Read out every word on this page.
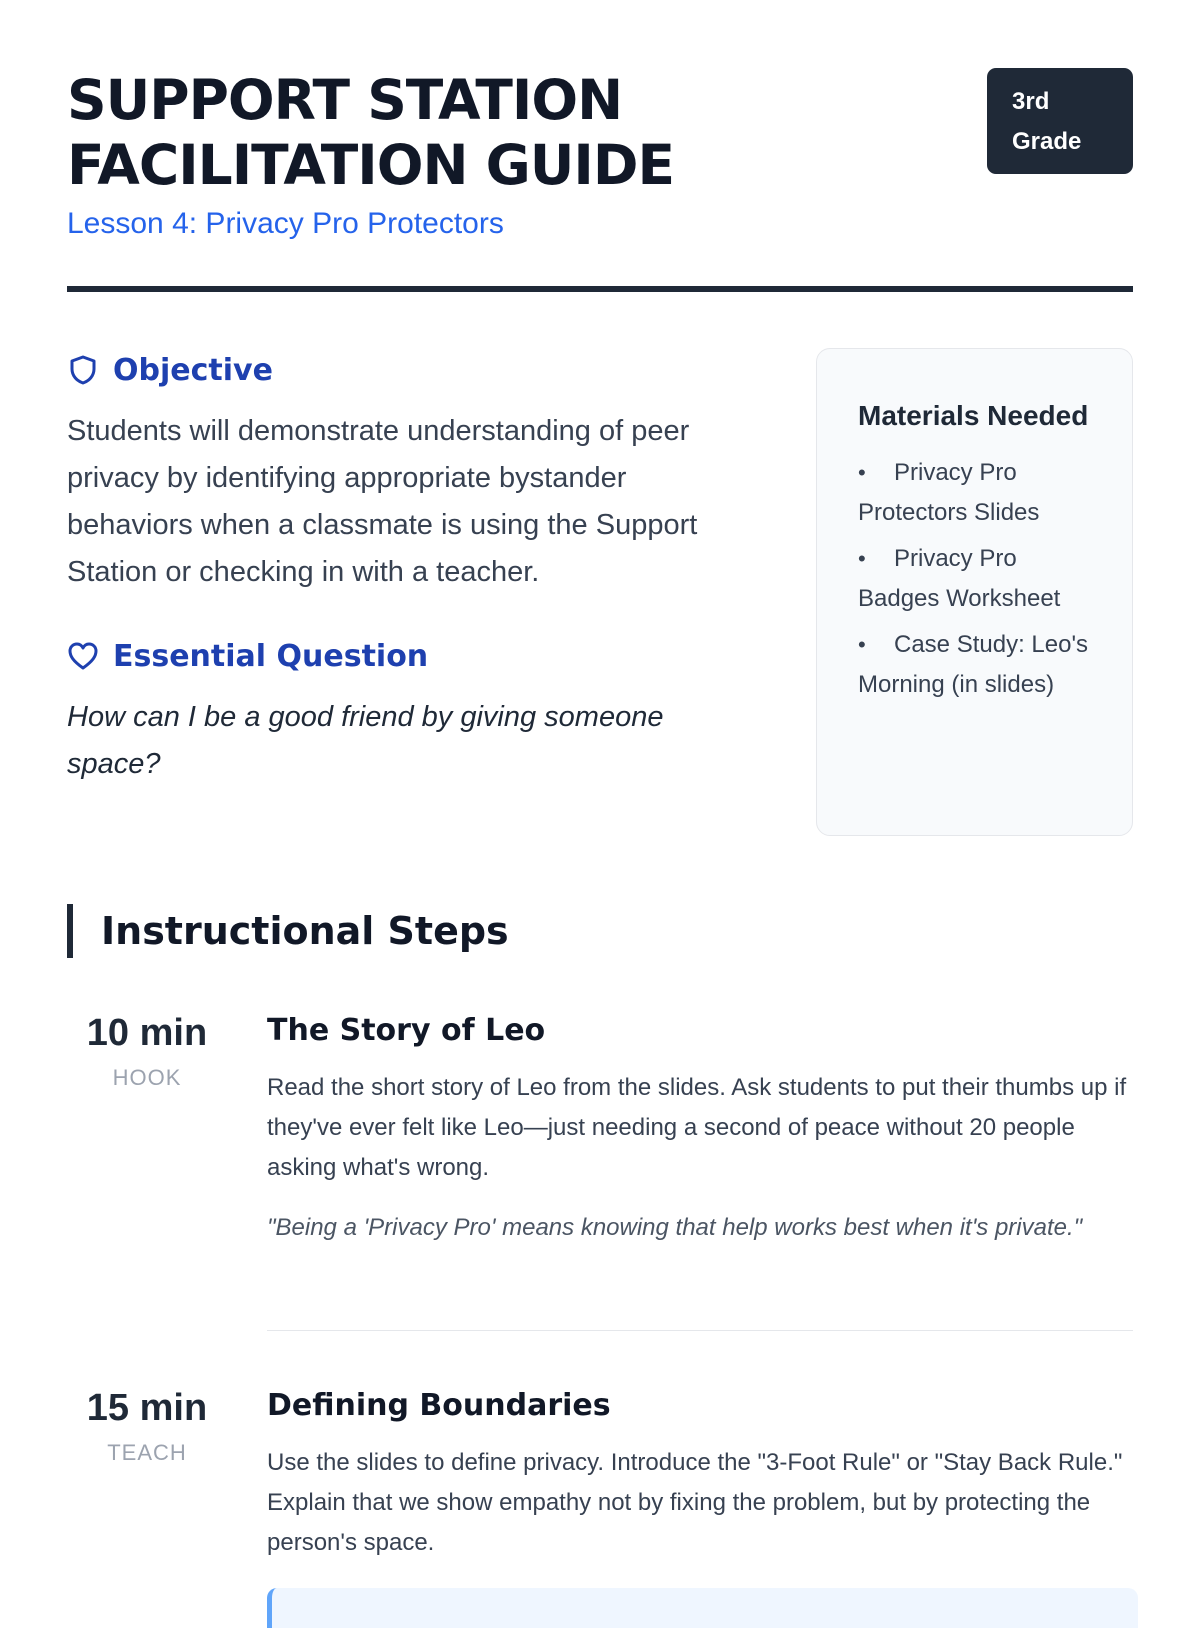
SUPPORT STATION FACILITATION GUIDE
Lesson 4: Privacy Pro Protectors
3rd Grade
Objective

Students will demonstrate understanding of peer privacy by identifying appropriate bystander behaviors when a classmate is using the Support Station or checking in with a teacher.

Essential Question

How can I be a good friend by giving someone space?

Materials Needed
• Privacy Pro Protectors Slides
• Privacy Pro Badges Worksheet
• Case Study: Leo's Morning (in slides)
Instructional Steps
10 min
HOOK
The Story of Leo

Read the short story of Leo from the slides. Ask students to put their thumbs up if they've ever felt like Leo—just needing a second of peace without 20 people asking what's wrong.

"Being a 'Privacy Pro' means knowing that help works best when it's private."

15 min
TEACH
Defining Boundaries

Use the slides to define privacy. Introduce the "3-Foot Rule" or "Stay Back Rule." Explain that we show empathy not by fixing the problem, but by protecting the person's space.
